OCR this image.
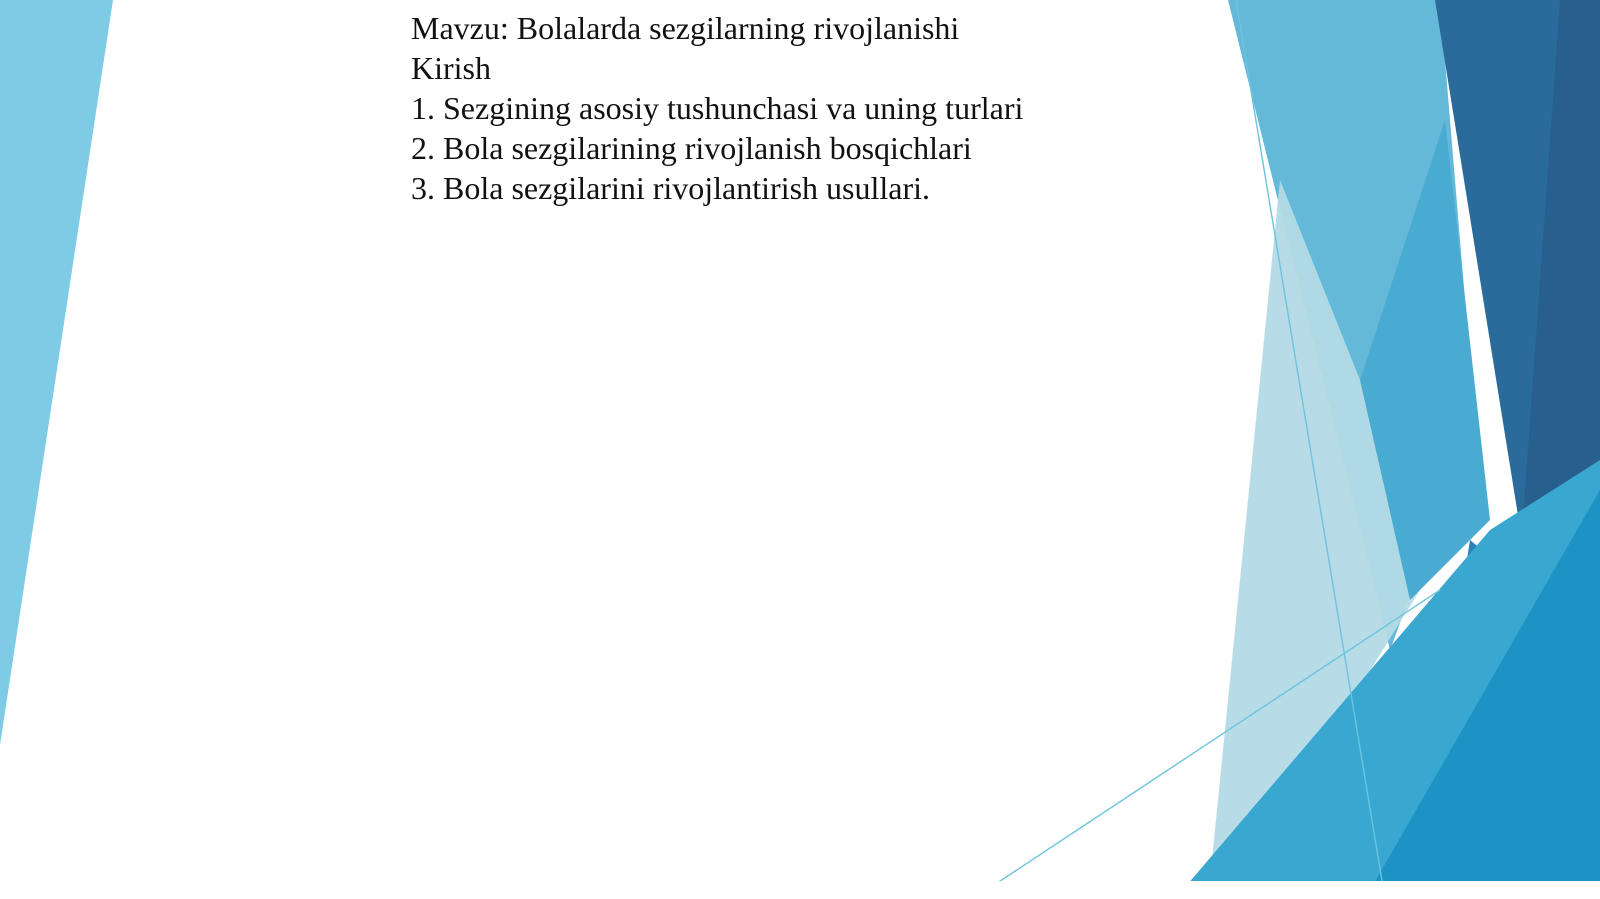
Mavzu: Bolalarda sezgilarning rivojlanishi
Kirish
1. Sezgining asosiy tushunchasi va uning turlari
2. Bola sezgilarining rivojlanish bosqichlari
3. Bola sezgilarini rivojlantirish usullari.
